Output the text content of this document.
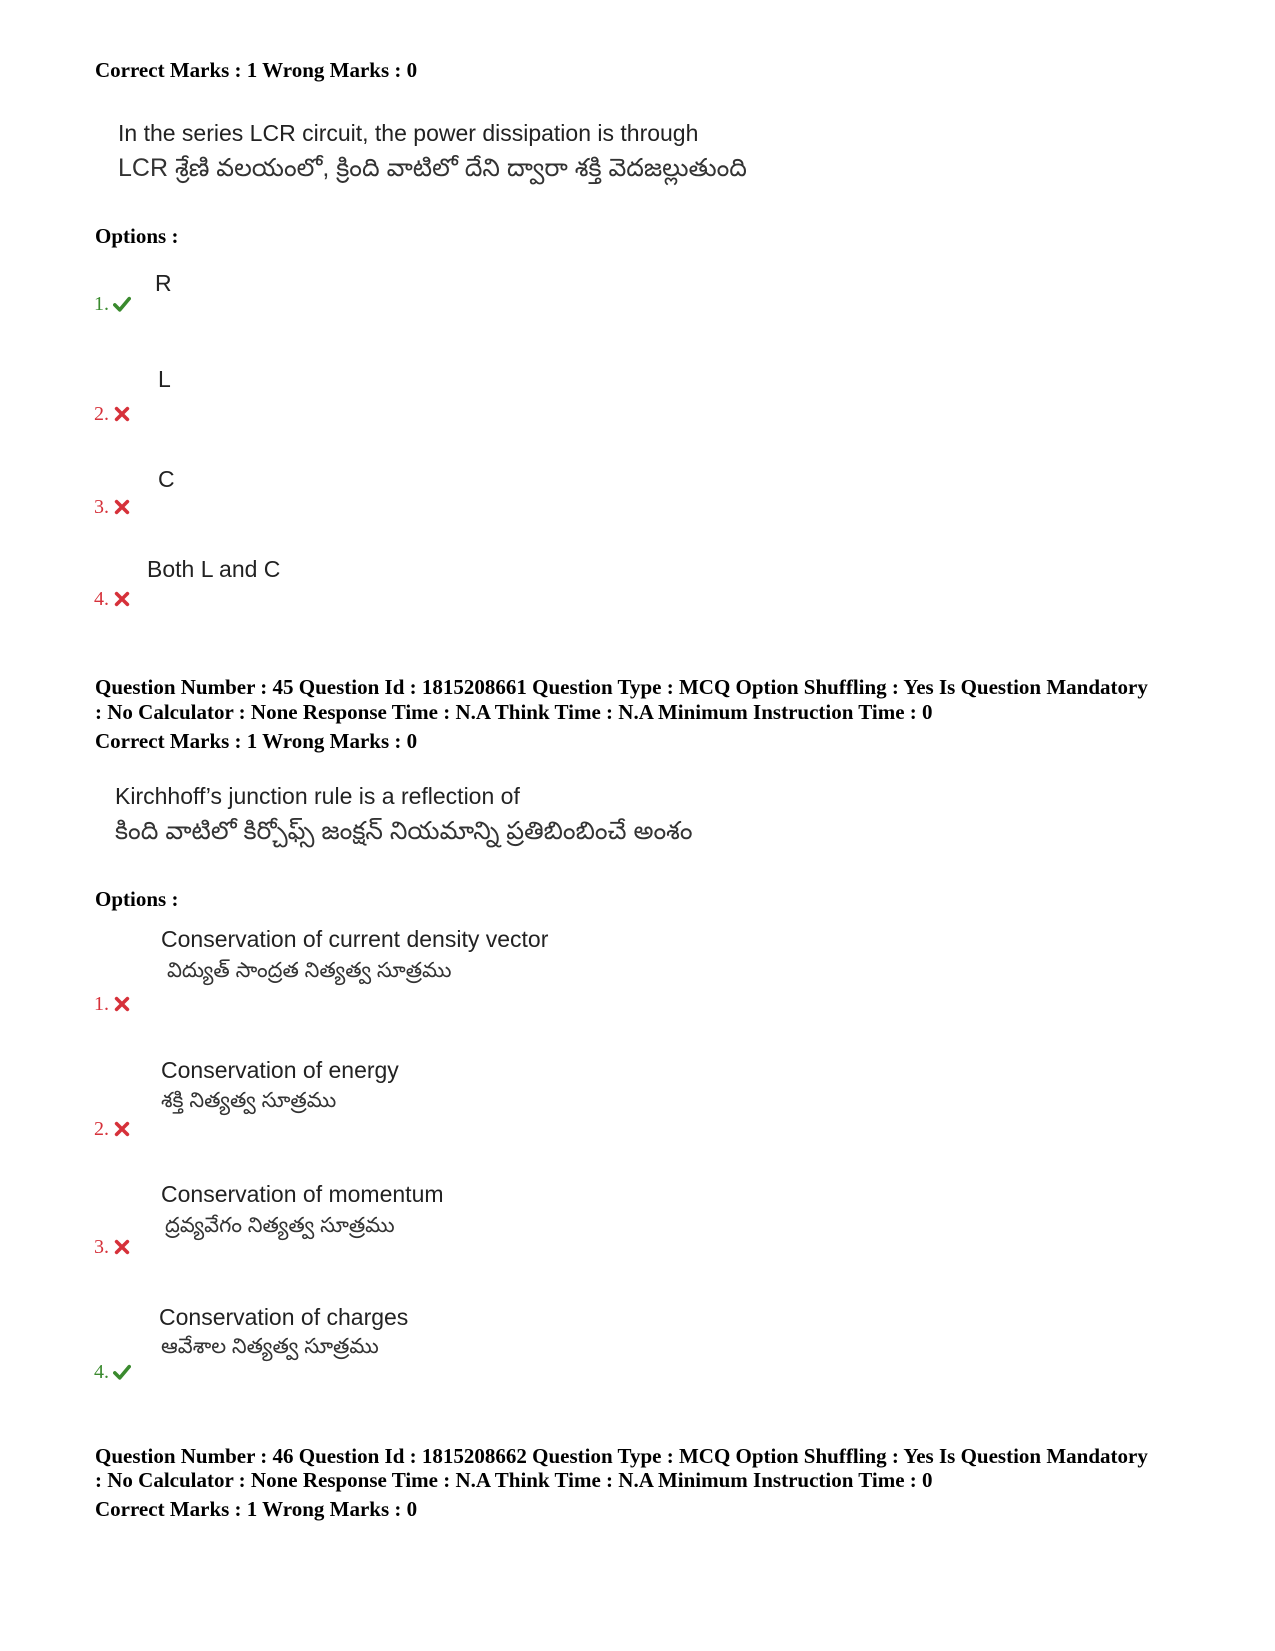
Correct Marks : 1 Wrong Marks : 0
In the series LCR circuit, the power dissipation is through
LCR శ్రేణి వలయంలో, క్రింది వాటిలో దేని ద్వారా శక్తి వెదజల్లుతుంది
Options :
R
1.
L
2.
C
3.
Both L and C
4.
Question Number : 45 Question Id : 1815208661 Question Type : MCQ Option Shuffling : Yes Is Question Mandatory
: No Calculator : None Response Time : N.A Think Time : N.A Minimum Instruction Time : 0
Correct Marks : 1 Wrong Marks : 0
Kirchhoff’s junction rule is a reflection of
కింది వాటిలో కిర్చోఫ్స్ జంక్షన్ నియమాన్ని ప్రతిబింబించే అంశం
Options :
Conservation of current density vector
విద్యుత్ సాంద్రత నిత్యత్వ సూత్రము
1.
Conservation of energy
శక్తి నిత్యత్వ సూత్రము
2.
Conservation of momentum
ద్రవ్యవేగం నిత్యత్వ సూత్రము
3.
Conservation of charges
ఆవేశాల నిత్యత్వ సూత్రము
4.
Question Number : 46 Question Id : 1815208662 Question Type : MCQ Option Shuffling : Yes Is Question Mandatory
: No Calculator : None Response Time : N.A Think Time : N.A Minimum Instruction Time : 0
Correct Marks : 1 Wrong Marks : 0
